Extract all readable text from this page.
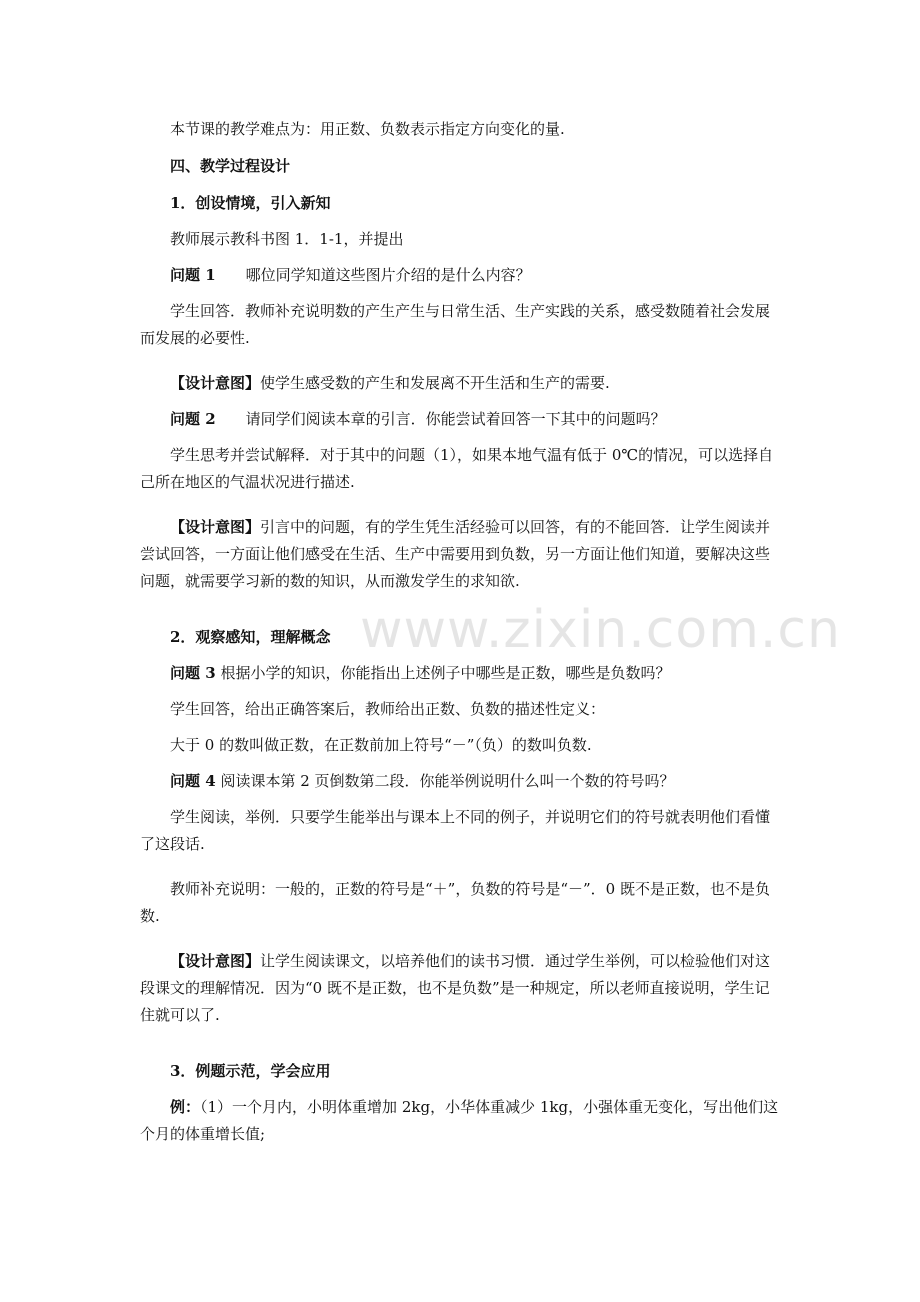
www.zixin.com.cn

本节课的教学难点为：用正数、负数表示指定方向变化的量.

四、教学过程设计

1．创设情境，引入新知

教师展示教科书图 1．1-1，并提出

问题 1　　哪位同学知道这些图片介绍的是什么内容？

学生回答．教师补充说明数的产生产生与日常生活、生产实践的关系，感受数随着社会发展而发展的必要性.

【设计意图】使学生感受数的产生和发展离不开生活和生产的需要.

问题 2　　请同学们阅读本章的引言．你能尝试着回答一下其中的问题吗？

学生思考并尝试解释．对于其中的问题（1），如果本地气温有低于 0℃的情况，可以选择自己所在地区的气温状况进行描述.

【设计意图】引言中的问题，有的学生凭生活经验可以回答，有的不能回答．让学生阅读并尝试回答，一方面让他们感受在生活、生产中需要用到负数，另一方面让他们知道，要解决这些问题，就需要学习新的数的知识，从而激发学生的求知欲.

2．观察感知，理解概念

问题 3 根据小学的知识，你能指出上述例子中哪些是正数，哪些是负数吗？

学生回答，给出正确答案后，教师给出正数、负数的描述性定义：

大于 0 的数叫做正数，在正数前加上符号“－”（负）的数叫负数.

问题 4 阅读课本第 2 页倒数第二段．你能举例说明什么叫一个数的符号吗？

学生阅读，举例．只要学生能举出与课本上不同的例子，并说明它们的符号就表明他们看懂了这段话.

教师补充说明：一般的，正数的符号是“＋”，负数的符号是“－”．0 既不是正数，也不是负数.

【设计意图】让学生阅读课文，以培养他们的读书习惯．通过学生举例，可以检验他们对这段课文的理解情况．因为“0 既不是正数，也不是负数”是一种规定，所以老师直接说明，学生记住就可以了.

3．例题示范，学会应用

例：（1）一个月内，小明体重增加 2kg，小华体重减少 1kg，小强体重无变化，写出他们这个月的体重增长值;
